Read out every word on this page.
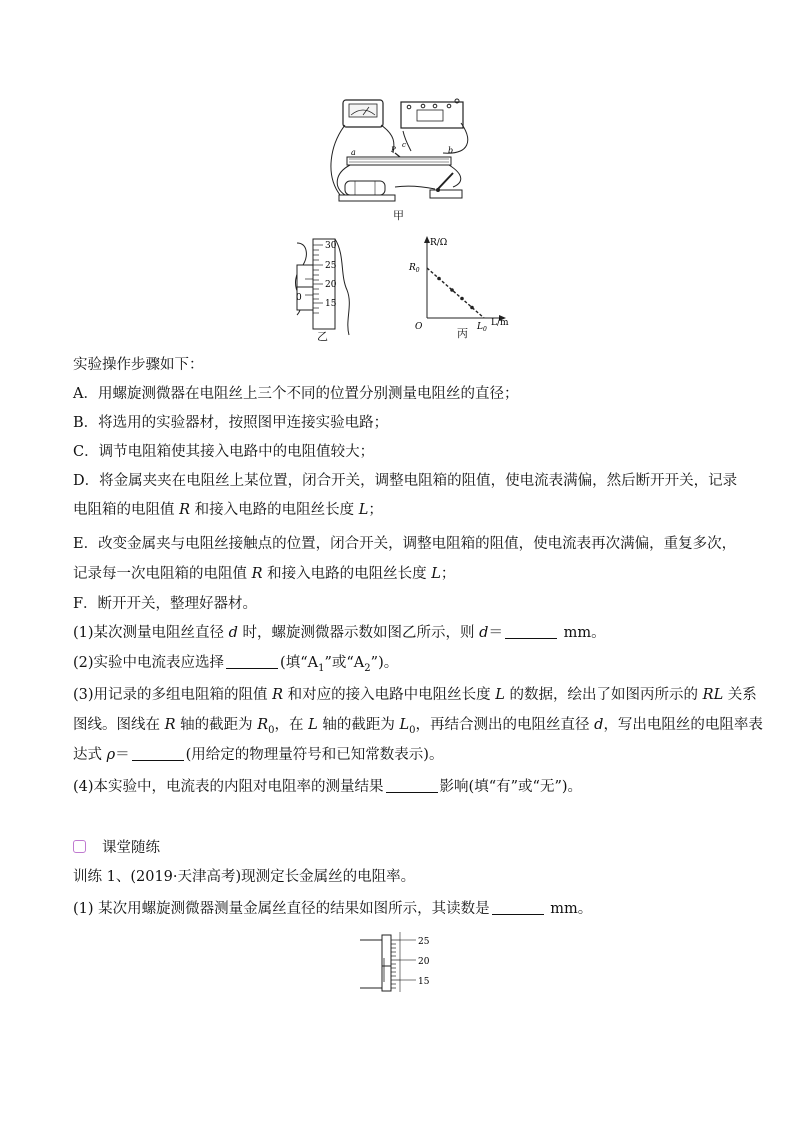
a	P
c
b
甲
30
25
20
15
0
乙
R/Ω
$R_0$
O	$L_0$
L/m
丙
实验操作步骤如下：
A．用螺旋测微器在电阻丝上三个不同的位置分别测量电阻丝的直径；
B．将选用的实验器材，按照图甲连接实验电路；
C．调节电阻箱使其接入电路中的电阻值较大；
D．将金属夹夹在电阻丝上某位置，闭合开关，调整电阻箱的阻值，使电流表满偏，然后断开开关，记录
电阻箱的电阻值 R 和接入电路的电阻丝长度 L；
E．改变金属夹与电阻丝接触点的位置，闭合开关，调整电阻箱的阻值，使电流表再次满偏，重复多次，
记录每一次电阻箱的电阻值 R 和接入电路的电阻丝长度 L；
F．断开开关，整理好器材。
(1)某次测量电阻丝直径 d 时，螺旋测微器示数如图乙所示，则 d＝	mm。
(2)实验中电流表应选择	(填“$A_1$”或“$A_2$”)。
(3)用记录的多组电阻箱的阻值 R 和对应的接入电路中电阻丝长度 L 的数据，绘出了如图丙所示的 RL 关系
图线。图线在 R 轴的截距为 $R_0$，在 L 轴的截距为 $L_0$，再结合测出的电阻丝直径 d，写出电阻丝的电阻率表
达式 ρ＝	(用给定的物理量符号和已知常数表示)。
(4)本实验中，电流表的内阻对电阻率的测量结果	影响(填“有”或“无”)。
课堂随练
训练 1、(2019·天津高考)现测定长金属丝的电阻率。
(1) 某次用螺旋测微器测量金属丝直径的结果如图所示，其读数是	mm。
25
20
15
